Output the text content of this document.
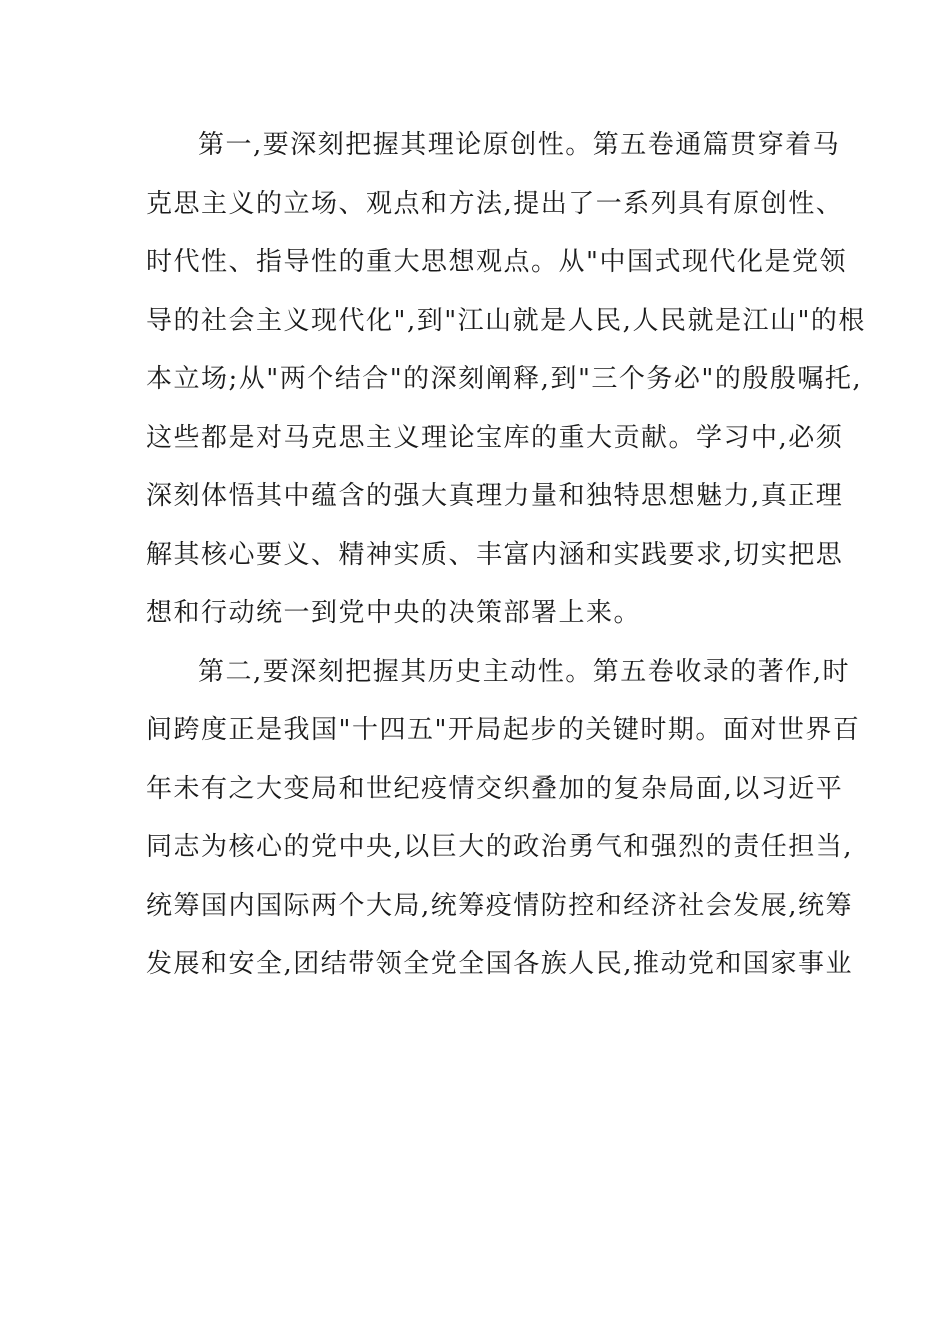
第一,要深刻把握其理论原创性。第五卷通篇贯穿着马
克思主义的立场、观点和方法,提出了一系列具有原创性、
时代性、指导性的重大思想观点。从"中国式现代化是党领
导的社会主义现代化",到"江山就是人民,人民就是江山"的根
本立场;从"两个结合"的深刻阐释,到"三个务必"的殷殷嘱托,
这些都是对马克思主义理论宝库的重大贡献。学习中,必须
深刻体悟其中蕴含的强大真理力量和独特思想魅力,真正理
解其核心要义、精神实质、丰富内涵和实践要求,切实把思
想和行动统一到党中央的决策部署上来。
第二,要深刻把握其历史主动性。第五卷收录的著作,时
间跨度正是我国"十四五"开局起步的关键时期。面对世界百
年未有之大变局和世纪疫情交织叠加的复杂局面,以习近平
同志为核心的党中央,以巨大的政治勇气和强烈的责任担当,
统筹国内国际两个大局,统筹疫情防控和经济社会发展,统筹
发展和安全,团结带领全党全国各族人民,推动党和国家事业
